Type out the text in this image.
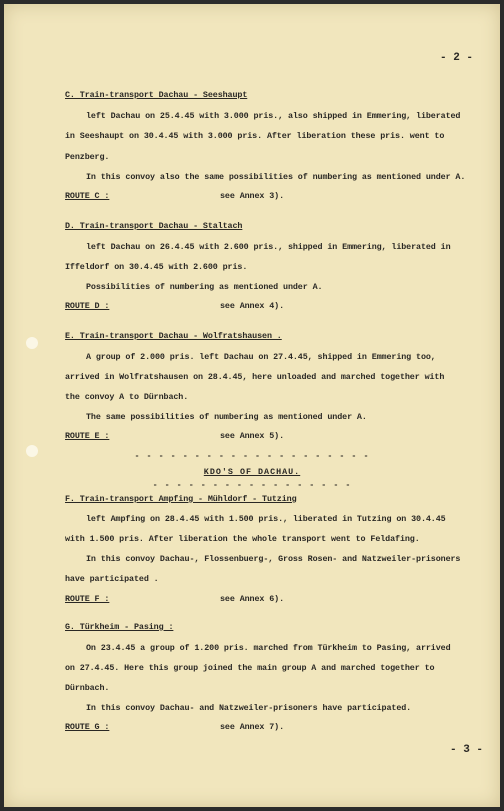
- 2 -
C. Train-transport Dachau - Seeshaupt
left Dachau on 25.4.45 with 3.000 pris., also shipped in Emmering, liberated
in Seeshaupt on 30.4.45 with 3.000 pris. After liberation these pris. went to
Penzberg.
In this convoy also the same possibilities of numbering as mentioned under A.
ROUTE C :	see Annex 3).
D. Train-transport Dachau - Staltach
left Dachau on 26.4.45 with 2.600 pris., shipped in Emmering, liberated in
Iffeldorf on 30.4.45 with 2.600 pris.
Possibilities of numbering as mentioned under A.
ROUTE D :	see Annex 4).
E. Train-transport Dachau - Wolfratshausen .
A group of 2.000 pris. left Dachau on 27.4.45, shipped in Emmering too,
arrived in Wolfratshausen on 28.4.45, here unloaded and marched together with
the convoy A to Dürnbach.
The same possibilities of numbering as mentioned under A.
ROUTE E :	see Annex 5).
- - - - - - - - - - - - - - - - - - - -
KDO'S OF DACHAU.
- - - - - - - - - - - - - - - - -
F. Train-transport Ampfing - Mühldorf - Tutzing
left Ampfing on 28.4.45 with 1.500 pris., liberated in Tutzing on 30.4.45
with 1.500 pris. After liberation the whole transport went to Feldafing.
In this convoy Dachau-, Flossenbuerg-, Gross Rosen- and Natzweiler-prisoners
have participated .
ROUTE F :	see Annex 6).
G. Türkheim - Pasing :
On 23.4.45 a group of 1.200 pris. marched from Türkheim to Pasing, arrived
on 27.4.45. Here this group joined the main group A and marched together to
Dürnbach.
In this convoy Dachau- and Natzweiler-prisoners have participated.
ROUTE G :	see Annex 7).
- 3 -
